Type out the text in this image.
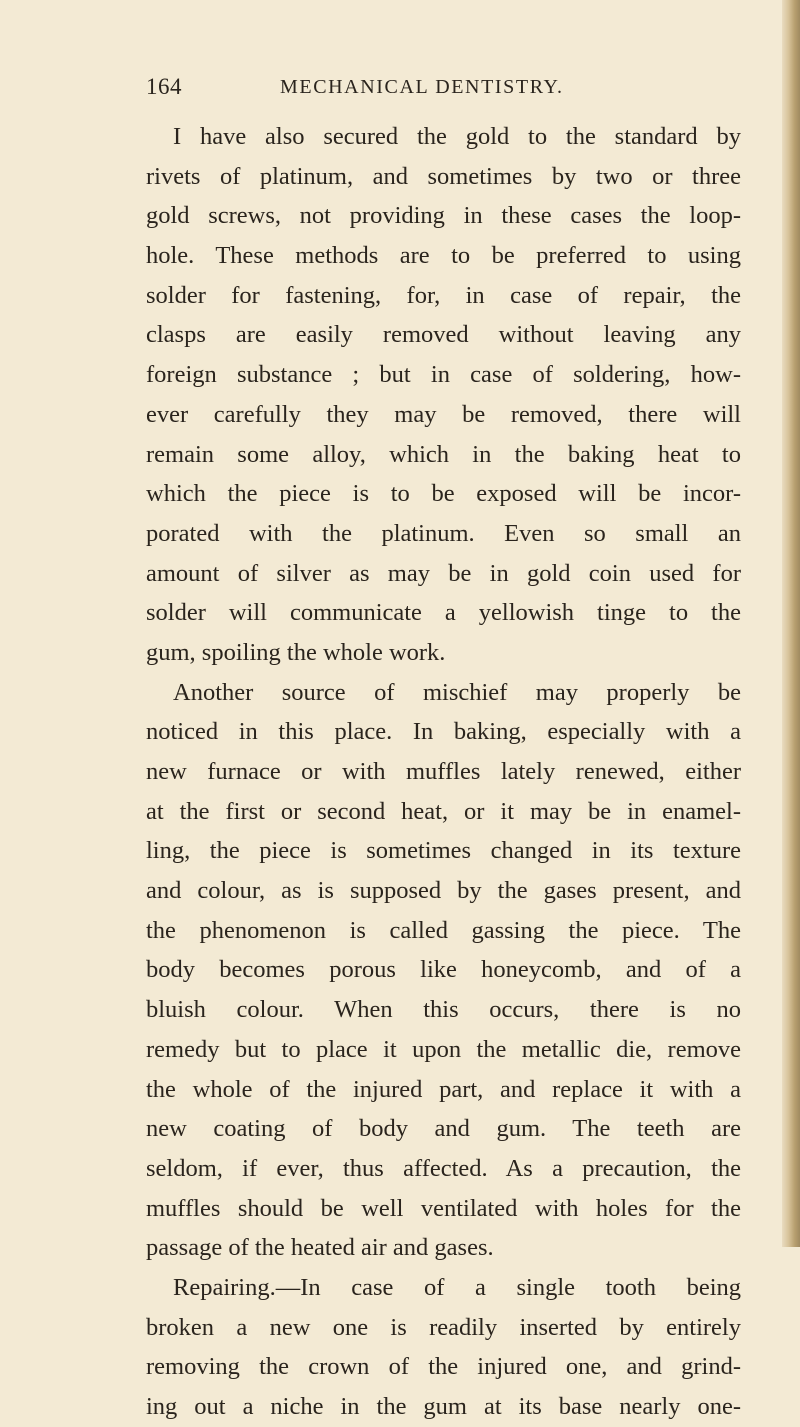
164	MECHANICAL DENTISTRY.
I have also secured the gold to the standard by
rivets of platinum, and sometimes by two or three
gold screws, not providing in these cases the loop-
hole. These methods are to be preferred to using
solder for fastening, for, in case of repair, the
clasps are easily removed without leaving any
foreign substance ; but in case of soldering, how-
ever carefully they may be removed, there will
remain some alloy, which in the baking heat to
which the piece is to be exposed will be incor-
porated with the platinum. Even so small an
amount of silver as may be in gold coin used for
solder will communicate a yellowish tinge to the
gum, spoiling the whole work.
Another source of mischief may properly be
noticed in this place. In baking, especially with a
new furnace or with muffles lately renewed, either
at the first or second heat, or it may be in enamel-
ling, the piece is sometimes changed in its texture
and colour, as is supposed by the gases present, and
the phenomenon is called gassing the piece. The
body becomes porous like honeycomb, and of a
bluish colour. When this occurs, there is no
remedy but to place it upon the metallic die, remove
the whole of the injured part, and replace it with a
new coating of body and gum. The teeth are
seldom, if ever, thus affected. As a precaution, the
muffles should be well ventilated with holes for the
passage of the heated air and gases.
Repairing.—In case of a single tooth being
broken a new one is readily inserted by entirely
removing the crown of the injured one, and grind-
ing out a niche in the gum at its base nearly one-
